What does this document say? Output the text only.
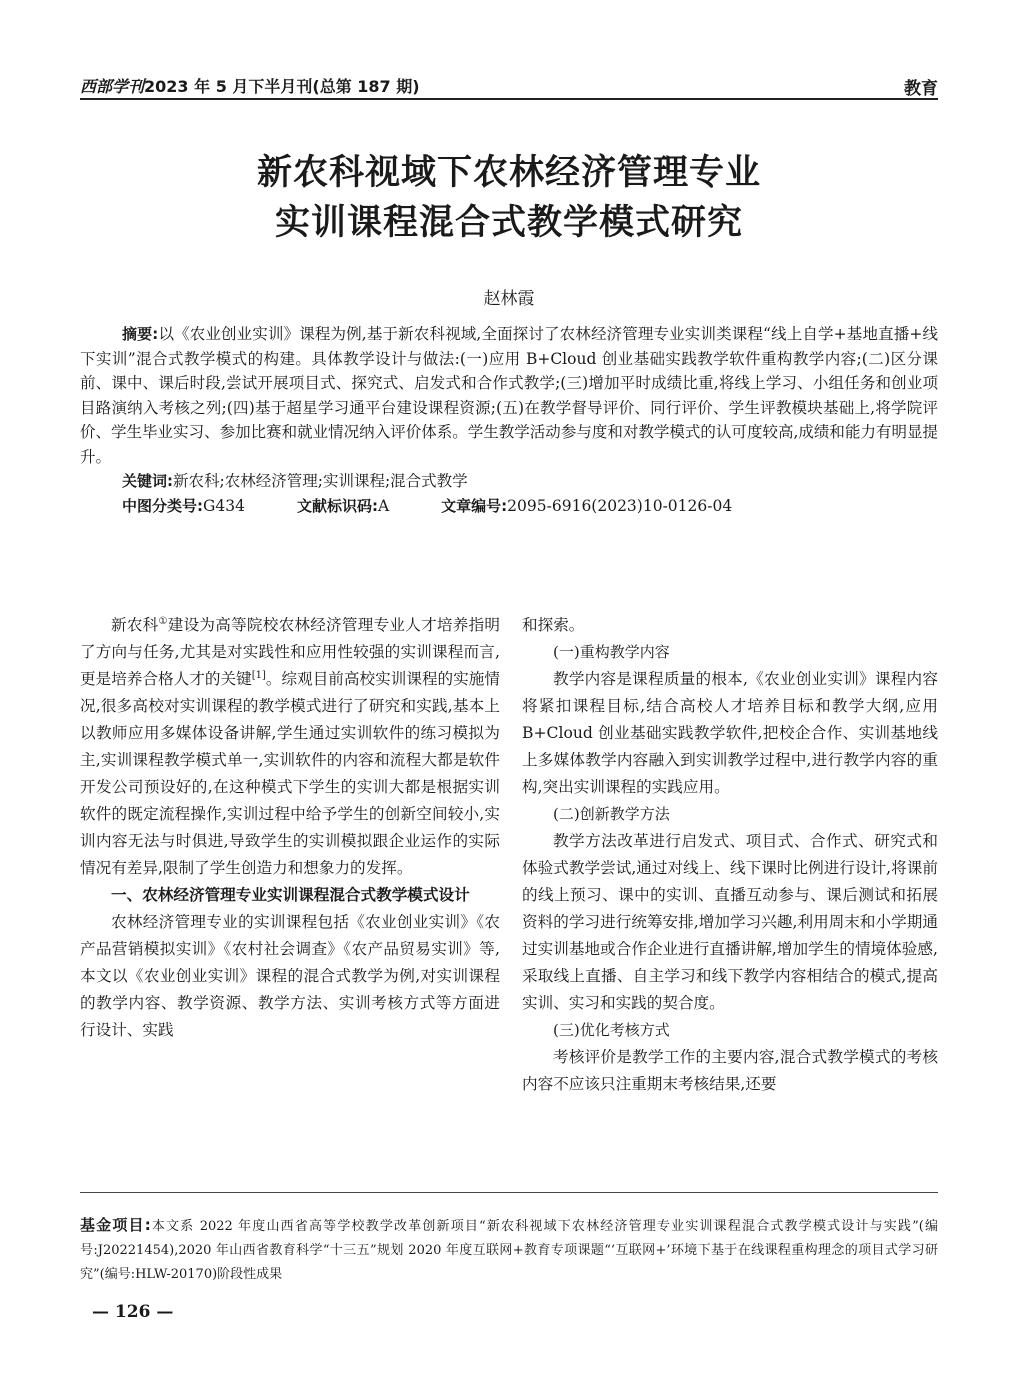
西部学刊2023 年 5 月下半月刊(总第 187 期)	教育
新农科视域下农林经济管理专业
实训课程混合式教学模式研究
赵林霞
摘要:以《农业创业实训》课程为例,基于新农科视域,全面探讨了农林经济管理专业实训类课程“线上自学+基地直播+线下实训”混合式教学模式的构建。具体教学设计与做法:(一)应用 B+Cloud 创业基础实践教学软件重构教学内容;(二)区分课前、课中、课后时段,尝试开展项目式、探究式、启发式和合作式教学;(三)增加平时成绩比重,将线上学习、小组任务和创业项目路演纳入考核之列;(四)基于超星学习通平台建设课程资源;(五)在教学督导评价、同行评价、学生评教模块基础上,将学院评价、学生毕业实习、参加比赛和就业情况纳入评价体系。学生教学活动参与度和对教学模式的认可度较高,成绩和能力有明显提升。
关键词:新农科;农林经济管理;实训课程;混合式教学
中图分类号:G434	文献标识码:A	文章编号:2095-6916(2023)10-0126-04

新农科①建设为高等院校农林经济管理专业人才培养指明了方向与任务,尤其是对实践性和应用性较强的实训课程而言,更是培养合格人才的关键[1]。综观目前高校实训课程的实施情况,很多高校对实训课程的教学模式进行了研究和实践,基本上以教师应用多媒体设备讲解,学生通过实训软件的练习模拟为主,实训课程教学模式单一,实训软件的内容和流程大都是软件开发公司预设好的,在这种模式下学生的实训大都是根据实训软件的既定流程操作,实训过程中给予学生的创新空间较小,实训内容无法与时俱进,导致学生的实训模拟跟企业运作的实际情况有差异,限制了学生创造力和想象力的发挥。

一、农林经济管理专业实训课程混合式教学模式设计

农林经济管理专业的实训课程包括《农业创业实训》《农产品营销模拟实训》《农村社会调查》《农产品贸易实训》等,本文以《农业创业实训》课程的混合式教学为例,对实训课程的教学内容、教学资源、教学方法、实训考核方式等方面进行设计、实践

和探索。

(一)重构教学内容

教学内容是课程质量的根本,《农业创业实训》课程内容将紧扣课程目标,结合高校人才培养目标和教学大纲,应用 B+Cloud 创业基础实践教学软件,把校企合作、实训基地线上多媒体教学内容融入到实训教学过程中,进行教学内容的重构,突出实训课程的实践应用。

(二)创新教学方法

教学方法改革进行启发式、项目式、合作式、研究式和体验式教学尝试,通过对线上、线下课时比例进行设计,将课前的线上预习、课中的实训、直播互动参与、课后测试和拓展资料的学习进行统筹安排,增加学习兴趣,利用周末和小学期通过实训基地或合作企业进行直播讲解,增加学生的情境体验感,采取线上直播、自主学习和线下教学内容相结合的模式,提高实训、实习和实践的契合度。

(三)优化考核方式

考核评价是教学工作的主要内容,混合式教学模式的考核内容不应该只注重期末考核结果,还要

基金项目:本文系 2022 年度山西省高等学校教学改革创新项目“新农科视域下农林经济管理专业实训课程混合式教学模式设计与实践”(编号:J20221454),2020 年山西省教育科学“十三五”规划 2020 年度互联网+教育专项课题“‘互联网+’环境下基于在线课程重构理念的项目式学习研究”(编号:HLW-20170)阶段性成果
— 126 —
